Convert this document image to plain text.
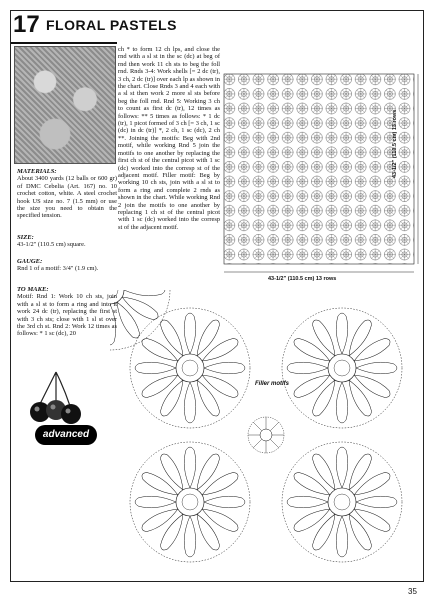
17 FLORAL PASTELS
MATERIALS:
About 3400 yards (12 balls or 600 gr) of DMC Cebelia (Art. 167) no. 10 crochet cotton, white. A steel crochet hook US size no. 7 (1.5 mm) or use the size you need to obtain the specified tension.
SIZE:
43-1/2" (110.5 cm) square.
GAUGE:
Rnd 1 of a motif: 3/4" (1.9 cm).
TO MAKE:
Motif: Rnd 1: Work 10 ch sts, join with a sl st to form a ring and into it work 24 dc (tr), replacing the first st with 3 ch sts; close with 1 sl st over the 3rd ch st. Rnd 2: Work 12 times as follows: * 1 sc (dc), 20

ch * to form 12 ch lps, and close the rnd with a sl st in the sc (dc) at beg of rnd then work 11 ch sts to beg the foll rnd. Rnds 3-4: Work shells [= 2 dc (tr), 3 ch, 2 dc (tr)] over each lp as shown in the chart. Close Rnds 3 and 4 each with a sl st then work 2 more sl sts before beg the foll rnd. Rnd 5: Working 3 ch to count as first dc (tr), 12 times as follows: ** 5 times as follows: * 1 dc (tr), 1 picot formed of 3 ch [= 3 ch, 1 sc (dc) in dc (tr)] *, 2 ch, 1 sc (dc), 2 ch **. Joining the motifs: Beg with 2nd motif, while working Rnd 5 join the motifs to one another by replacing the first ch st of the central picot with 1 sc (dc) worked into the corresp st of the adjacent motif. Filler motif: Beg by working 10 ch sts, join with a sl st to form a ring and complete 2 rnds as shown in the chart. While working Rnd 2 join the motifs to one another by replacing 1 ch st of the central picot with 1 sc (dc) worked into the corresp st of the adjacent motif.

43-1/2" (110.5 cm) 13 rows
43-1/2" (110.5 cm) 13 rows
Filler motifs
advanced
35
